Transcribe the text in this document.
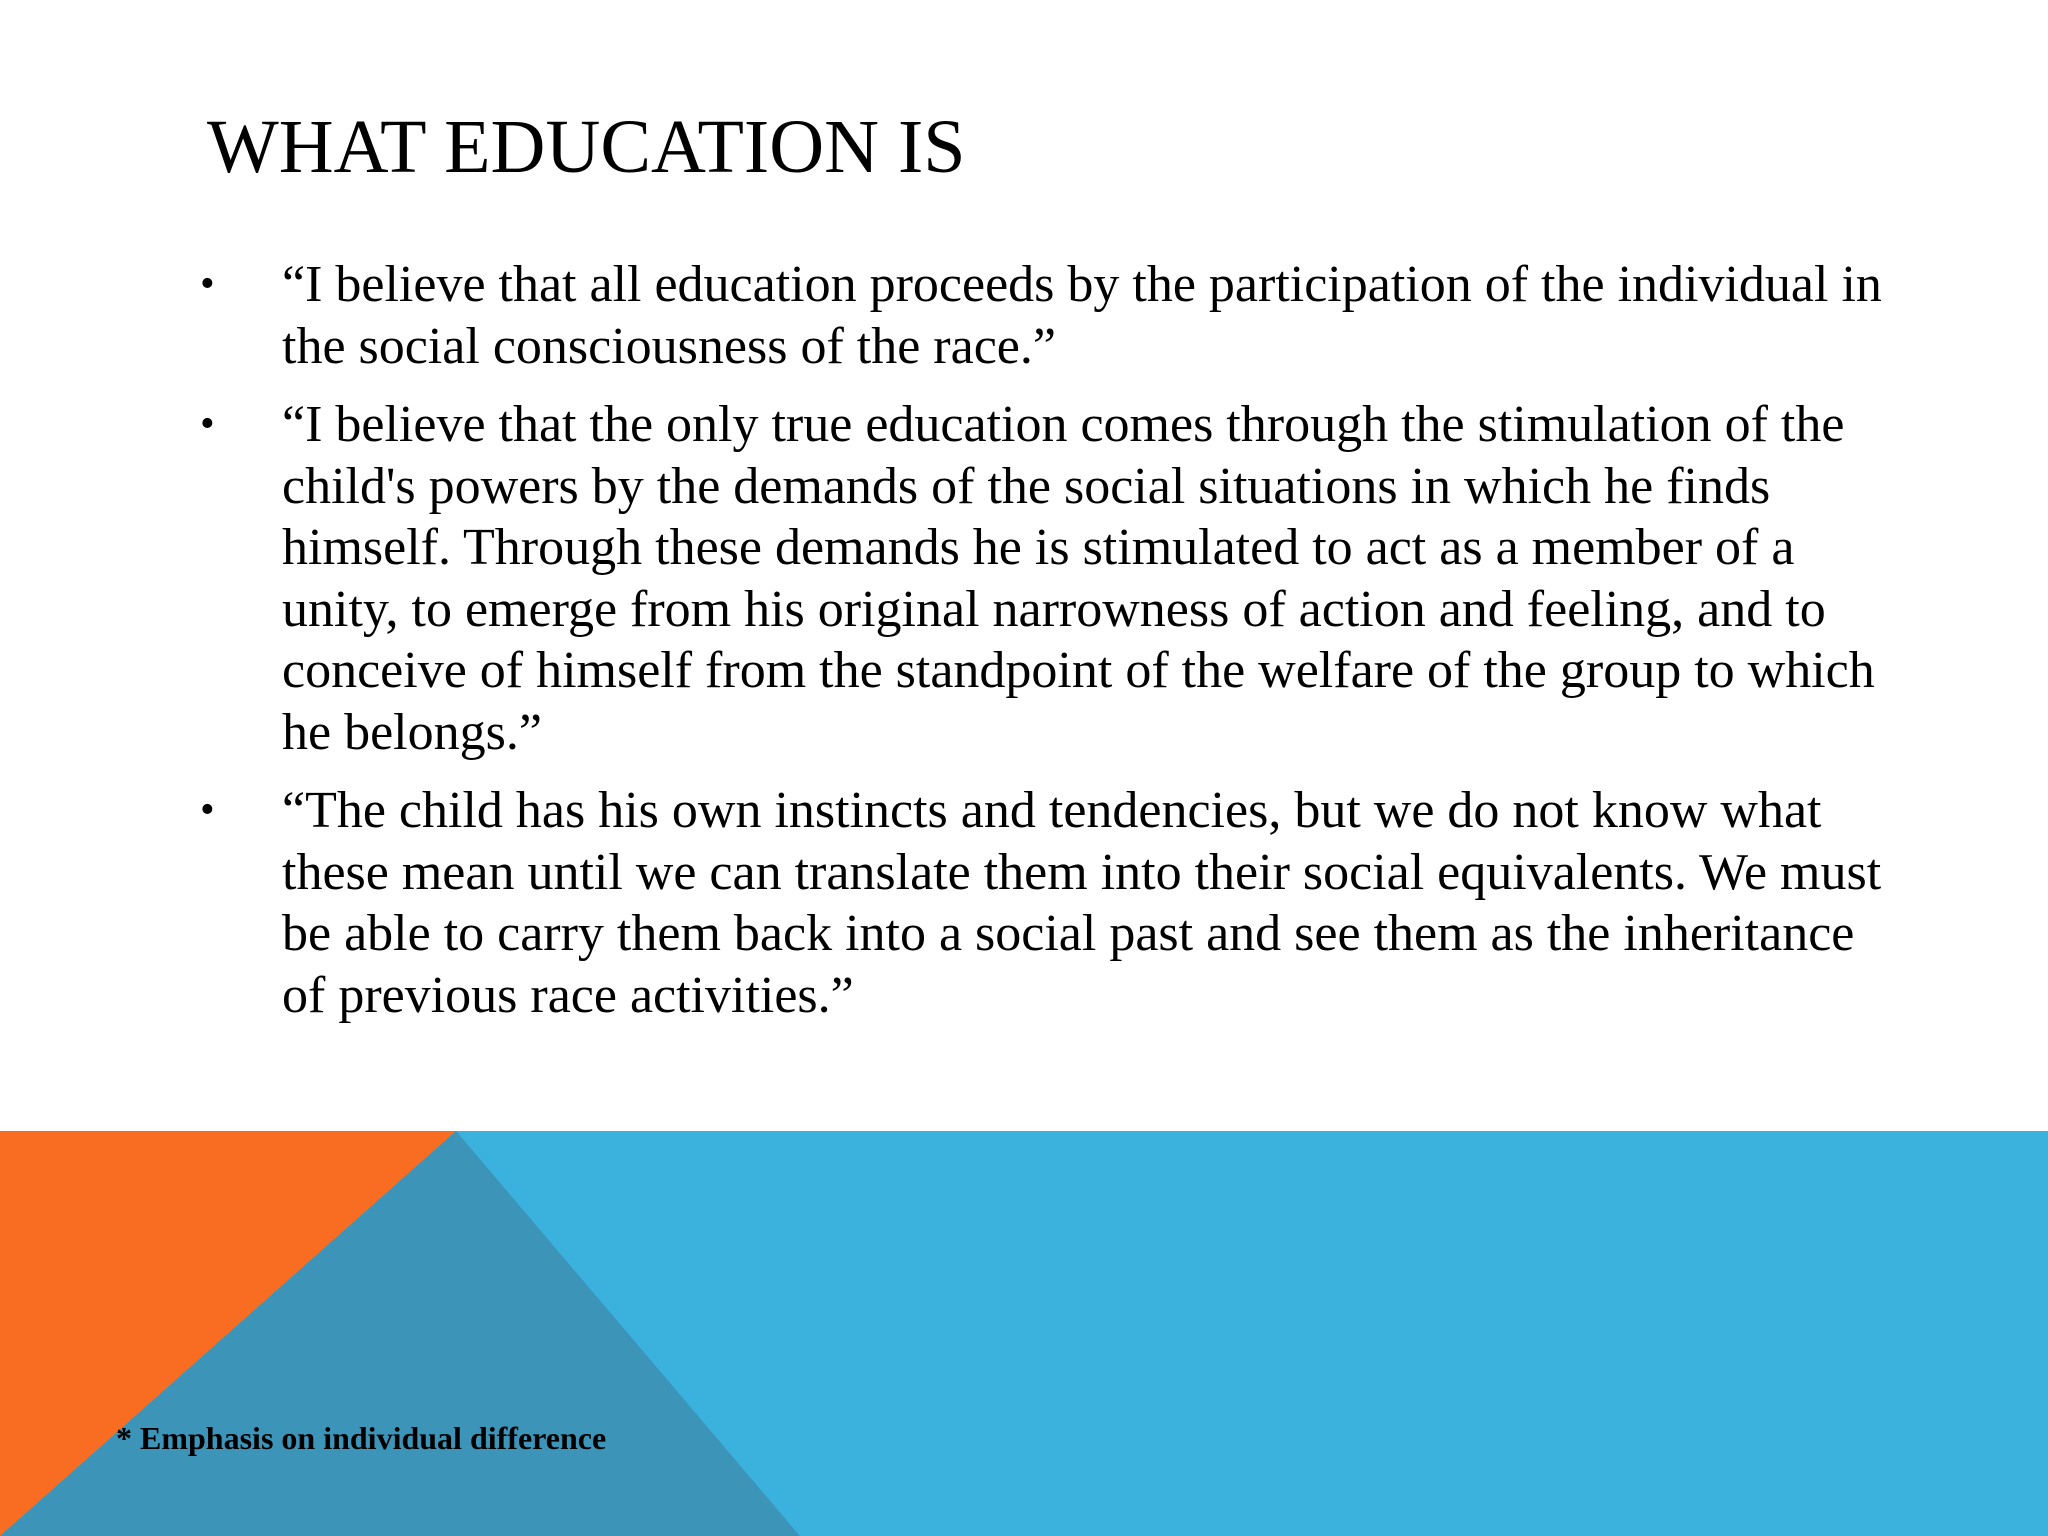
WHAT EDUCATION IS
• “I believe that all education proceeds by the participation of the individual in the social consciousness of the race.”
• “I believe that the only true education comes through the stimulation of the child's powers by the demands of the social situations in which he finds himself. Through these demands he is stimulated to act as a member of a unity, to emerge from his original narrowness of action and feeling, and to conceive of himself from the standpoint of the welfare of the group to which he belongs.”
• “The child has his own instincts and tendencies, but we do not know what these mean until we can translate them into their social equivalents. We must be able to carry them back into a social past and see them as the inheritance of previous race activities.”

* Emphasis on individual difference
